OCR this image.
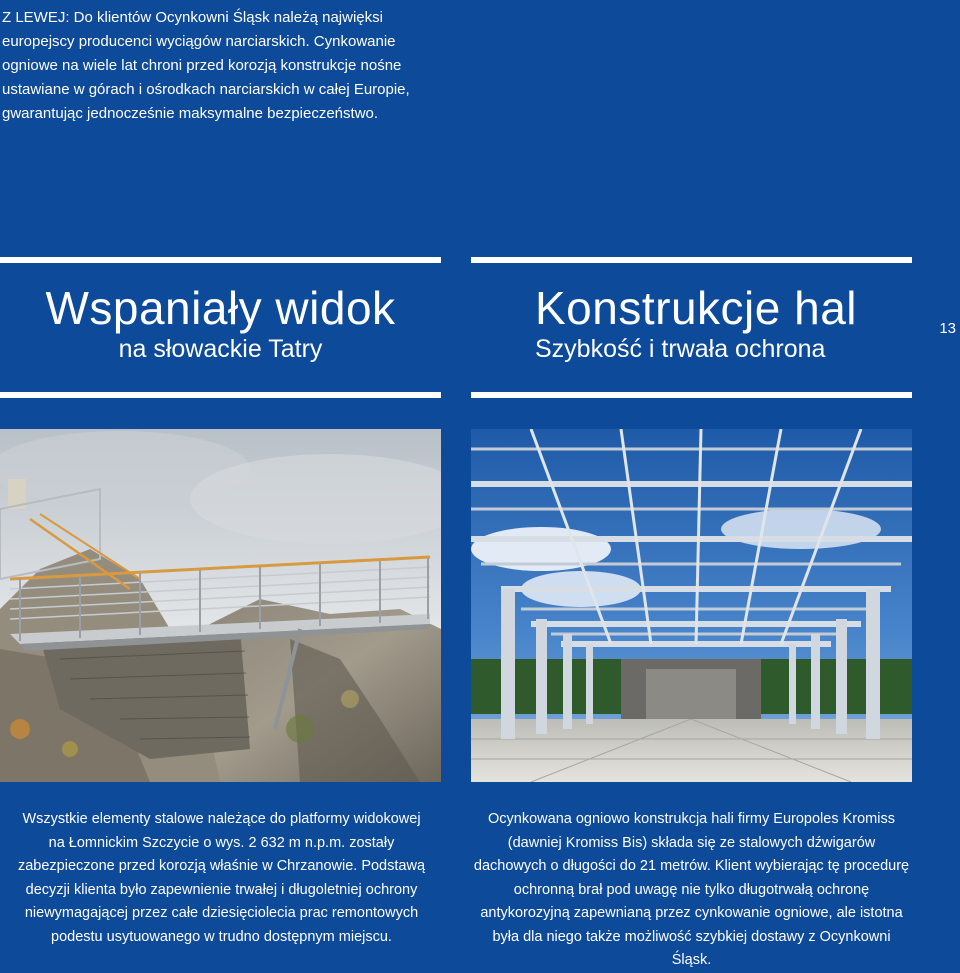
Z LEWEJ: Do klientów Ocynkowni Śląsk należą najwięksi europejscy producenci wyciągów narciarskich. Cynkowanie ogniowe na wiele lat chroni przed korozją konstrukcje nośne ustawiane w górach i ośrodkach narciarskich w całej Europie, gwarantując jednocześnie maksymalne bezpieczeństwo.
Wspaniały widok
na słowackie Tatry
Konstrukcje hal
Szybkość i trwała ochrona
13
Wszystkie elementy stalowe należące do platformy widokowej na Łomnickim Szczycie o wys. 2 632 m n.p.m. zostały zabezpieczone przed korozją właśnie w Chrzanowie. Podstawą decyzji klienta było zapewnienie trwałej i długoletniej ochrony niewymagającej przez całe dziesięciolecia prac remontowych podestu usytuowanego w trudno dostępnym miejscu.
Ocynkowana ogniowo konstrukcja hali firmy Europoles Kromiss (dawniej Kromiss Bis) składa się ze stalowych dźwigarów dachowych o długości do 21 metrów. Klient wybierając tę procedurę ochronną brał pod uwagę nie tylko długotrwałą ochronę antykorozyjną zapewnianą przez cynkowanie ogniowe, ale istotna była dla niego także możliwość szybkiej dostawy z Ocynkowni Śląsk.
